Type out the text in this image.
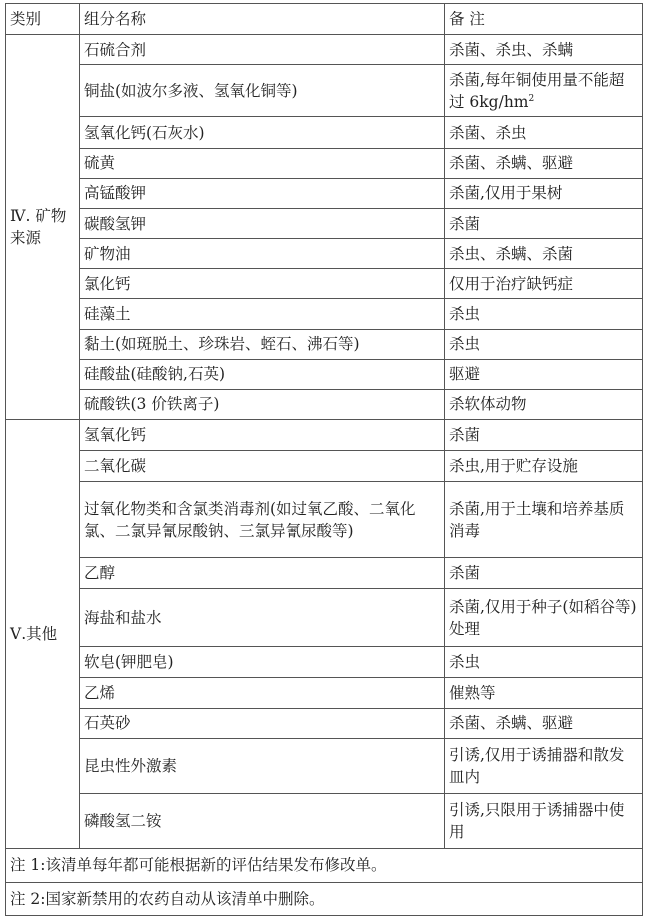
类别	组分名称	备 注
Ⅳ. 矿物来源	石硫合剂	杀菌、杀虫、杀螨
	铜盐(如波尔多液、氢氧化铜等)	杀菌,每年铜使用量不能超过 $6kg/hm^2$
	氢氧化钙(石灰水)	杀菌、杀虫
	硫黄	杀菌、杀螨、驱避
	高锰酸钾	杀菌,仅用于果树
	碳酸氢钾	杀菌
	矿物油	杀虫、杀螨、杀菌
	氯化钙	仅用于治疗缺钙症
	硅藻土	杀虫
	黏土(如斑脱土、珍珠岩、蛭石、沸石等)	杀虫
	硅酸盐(硅酸钠,石英)	驱避
	硫酸铁(3 价铁离子)	杀软体动物
Ⅴ.其他	氢氧化钙	杀菌
	二氧化碳	杀虫,用于贮存设施
	过氧化物类和含氯类消毒剂(如过氧乙酸、二氧化氯、二氯异氰尿酸钠、三氯异氰尿酸等)	杀菌,用于土壤和培养基质消毒
	乙醇	杀菌
	海盐和盐水	杀菌,仅用于种子(如稻谷等)处理
	软皂(钾肥皂)	杀虫
	乙烯	催熟等
	石英砂	杀菌、杀螨、驱避
	昆虫性外激素	引诱,仅用于诱捕器和散发皿内
	磷酸氢二铵	引诱,只限用于诱捕器中使用
注 1:该清单每年都可能根据新的评估结果发布修改单。		
注 2:国家新禁用的农药自动从该清单中删除。		
